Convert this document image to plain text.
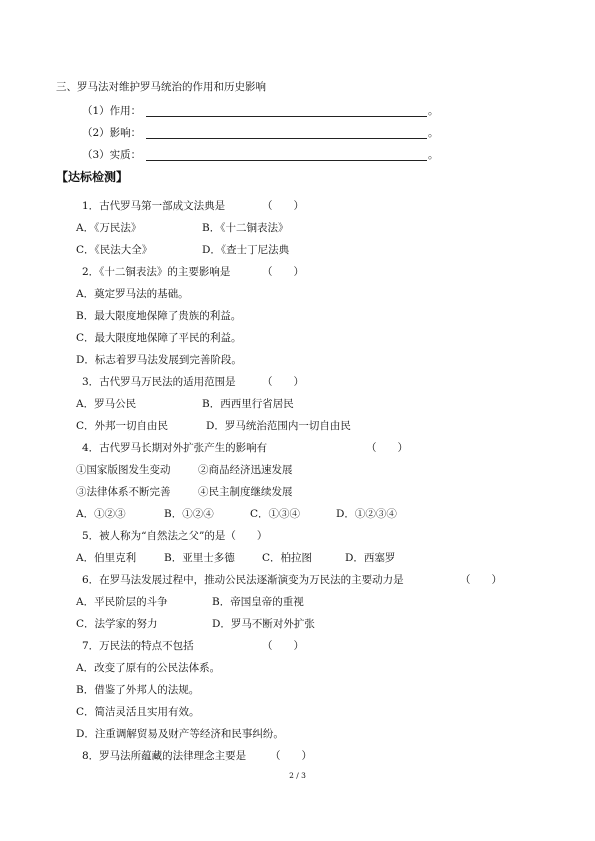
三、罗马法对维护罗马统治的作用和历史影响
（1）作用：	。
（2）影响：	。
（3）实质：	。
【达标检测】
1．古代罗马第一部成文法典是	（　　）
A．《万民法》	B．《十二铜表法》
C．《民法大全》	D．《查士丁尼法典
2．《十二铜表法》的主要影响是	（　　）
A．奠定罗马法的基础。
B．最大限度地保障了贵族的利益。
C．最大限度地保障了平民的利益。
D．标志着罗马法发展到完善阶段。
3．古代罗马万民法的适用范围是	（　　）
A．罗马公民	B．西西里行省居民
C．外邦一切自由民	D．罗马统治范围内一切自由民
4．古代罗马长期对外扩张产生的影响有	（　　）
①国家版图发生变动	②商品经济迅速发展
③法律体系不断完善	④民主制度继续发展
A．①②③	B．①②④	C．①③④	D．①②③④
5．被人称为“自然法之父”的是（　　）
A．伯里克利	B．亚里士多德	C．柏拉图	D．西塞罗
6．在罗马法发展过程中，推动公民法逐渐演变为万民法的主要动力是	（　　）
A．平民阶层的斗争	B．帝国皇帝的重视
C．法学家的努力	D．罗马不断对外扩张
7．万民法的特点不包括	（　　）
A．改变了原有的公民法体系。
B．借鉴了外邦人的法规。
C．简洁灵活且实用有效。
D．注重调解贸易及财产等经济和民事纠纷。
8．罗马法所蕴藏的法律理念主要是 （　　）
2 / 3
